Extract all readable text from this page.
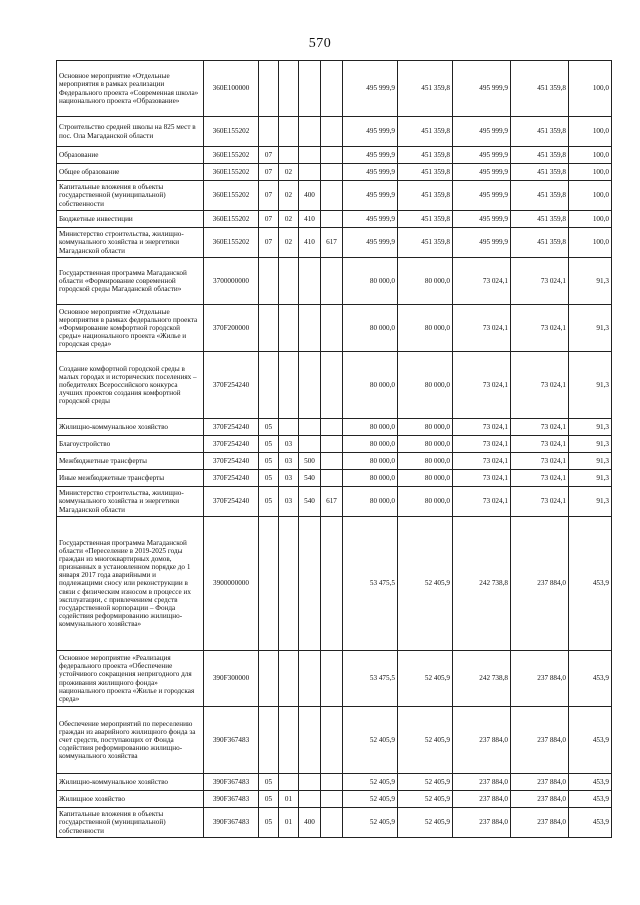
570
Основное мероприятие «Отдельные мероприятия в рамках реализации Федерального проекта «Современная школа» национального проекта «Образование»	360E100000					495 999,9	451 359,8	495 999,9	451 359,8	100,0
Строительство средней школы на 825 мест в пос. Ола Магаданской области	360E155202					495 999,9	451 359,8	495 999,9	451 359,8	100,0
Образование	360E155202	07				495 999,9	451 359,8	495 999,9	451 359,8	100,0
Общее образование	360E155202	07	02			495 999,9	451 359,8	495 999,9	451 359,8	100,0
Капитальные вложения в объекты государственной (муниципальной) собственности	360E155202	07	02	400		495 999,9	451 359,8	495 999,9	451 359,8	100,0
Бюджетные инвестиции	360E155202	07	02	410		495 999,9	451 359,8	495 999,9	451 359,8	100,0
Министерство строительства, жилищно-коммунального хозяйства и энергетики Магаданской области	360E155202	07	02	410	617	495 999,9	451 359,8	495 999,9	451 359,8	100,0
Государственная программа Магаданской области «Формирование современной городской среды Магаданской области»	3700000000					80 000,0	80 000,0	73 024,1	73 024,1	91,3
Основное мероприятие «Отдельные мероприятия в рамках федерального проекта «Формирование комфортной городской среды» национального проекта «Жилье и городская среда»	370F200000					80 000,0	80 000,0	73 024,1	73 024,1	91,3
Создание комфортной городской среды в малых городах и исторических поселениях – победителях Всероссийского конкурса лучших проектов создания комфортной городской среды	370F254240					80 000,0	80 000,0	73 024,1	73 024,1	91,3
Жилищно-коммунальное хозяйство	370F254240	05				80 000,0	80 000,0	73 024,1	73 024,1	91,3
Благоустройство	370F254240	05	03			80 000,0	80 000,0	73 024,1	73 024,1	91,3
Межбюджетные трансферты	370F254240	05	03	500		80 000,0	80 000,0	73 024,1	73 024,1	91,3
Иные межбюджетные трансферты	370F254240	05	03	540		80 000,0	80 000,0	73 024,1	73 024,1	91,3
Министерство строительства, жилищно-коммунального хозяйства и энергетики Магаданской области	370F254240	05	03	540	617	80 000,0	80 000,0	73 024,1	73 024,1	91,3
Государственная программа Магаданской области «Переселение в 2019-2025 годы граждан из многоквартирных домов, признанных в установленном порядке до 1 января 2017 года аварийными и подлежащими сносу или реконструкции в связи с физическим износом в процессе их эксплуатации, с привлечением средств государственной корпорации – Фонда содействия реформированию жилищно-коммунального хозяйства»	3900000000					53 475,5	52 405,9	242 738,8	237 884,0	453,9
Основное мероприятие «Реализация федерального проекта «Обеспечение устойчивого сокращения непригодного для проживания жилищного фонда» национального проекта «Жилье и городская среда»	390F300000					53 475,5	52 405,9	242 738,8	237 884,0	453,9
Обеспечение мероприятий по переселению граждан из аварийного жилищного фонда за счет средств, поступающих от Фонда содействия реформированию жилищно-коммунального хозяйства	390F367483					52 405,9	52 405,9	237 884,0	237 884,0	453,9
Жилищно-коммунальное хозяйство	390F367483	05				52 405,9	52 405,9	237 884,0	237 884,0	453,9
Жилищное хозяйство	390F367483	05	01			52 405,9	52 405,9	237 884,0	237 884,0	453,9
Капитальные вложения в объекты государственной (муниципальной) собственности	390F367483	05	01	400		52 405,9	52 405,9	237 884,0	237 884,0	453,9
